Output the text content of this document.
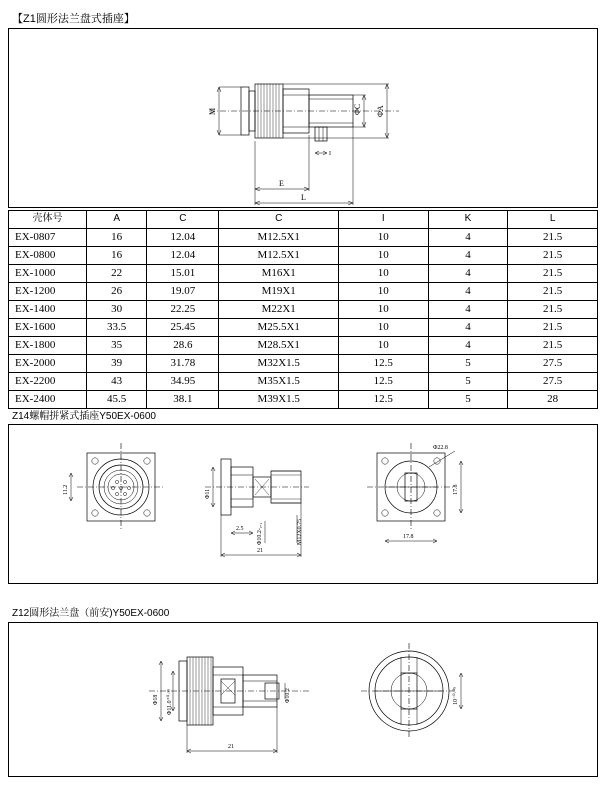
【Z1圆形法兰盘式插座】
M	ΦC ΦA
E
L
I
壳体号	A	C	C	I	K	L
EX-0807	16	12.04	M12.5X1	10	4	21.5
EX-0800	16	12.04	M12.5X1	10	4	21.5
EX-1000	22	15.01	M16X1	10	4	21.5
EX-1200	26	19.07	M19X1	10	4	21.5
EX-1400	30	22.25	M22X1	10	4	21.5
EX-1600	33.5	25.45	M25.5X1	10	4	21.5
EX-1800	35	28.6	M28.5X1	10	4	21.5
EX-2000	39	31.78	M32X1.5	12.5	5	27.5
EX-2200	43	34.95	M35X1.5	12.5	5	27.5
EX-2400	45.5	38.1	M39X1.5	12.5	5	28
Z14螺帽拼紧式插座Y50EX-0600
11.2	Φ11
Φ10.2-₀.₁	M12X0.75
2.5
21
Φ22.8
17.8
17.8
Z12圆形法兰盘（前安)Y50EX-0600
Φ18 Φ11.0⁺⁰·¹⁵	Φ10.2
21
10⁻⁰·⁰⁵
